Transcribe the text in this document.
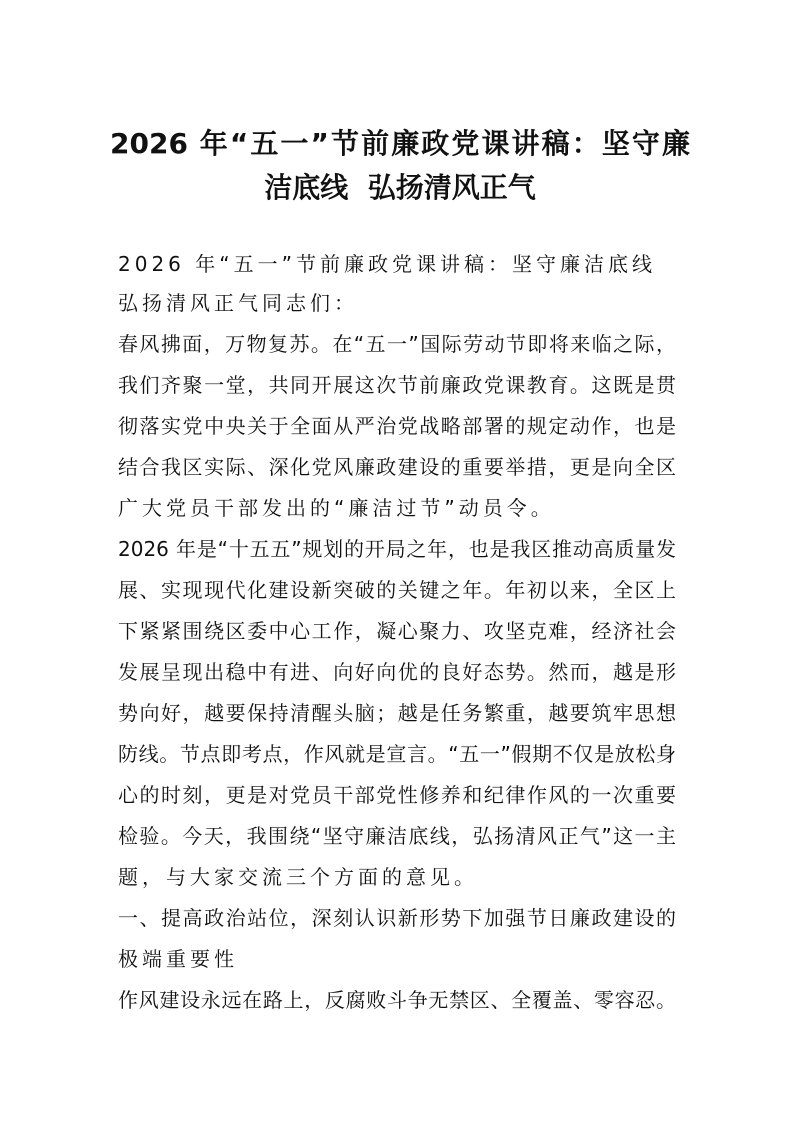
2026 年“五一”节前廉政党课讲稿：坚守廉
洁底线  弘扬清风正气
2026 年“五一”节前廉政党课讲稿：坚守廉洁底线
弘扬清风正气同志们：
春风拂面，万物复苏。在“五一”国际劳动节即将来临之际，
我们齐聚一堂，共同开展这次节前廉政党课教育。这既是贯
彻落实党中央关于全面从严治党战略部署的规定动作，也是
结合我区实际、深化党风廉政建设的重要举措，更是向全区
广大党员干部发出的“廉洁过节”动员令。
2026 年是“十五五”规划的开局之年，也是我区推动高质量发
展、实现现代化建设新突破的关键之年。年初以来，全区上
下紧紧围绕区委中心工作，凝心聚力、攻坚克难，经济社会
发展呈现出稳中有进、向好向优的良好态势。然而，越是形
势向好，越要保持清醒头脑；越是任务繁重，越要筑牢思想
防线。节点即考点，作风就是宣言。“五一”假期不仅是放松身
心的时刻，更是对党员干部党性修养和纪律作风的一次重要
检验。今天，我围绕“坚守廉洁底线，弘扬清风正气”这一主
题，与大家交流三个方面的意见。
一、提高政治站位，深刻认识新形势下加强节日廉政建设的
极端重要性
作风建设永远在路上，反腐败斗争无禁区、全覆盖、零容忍。
